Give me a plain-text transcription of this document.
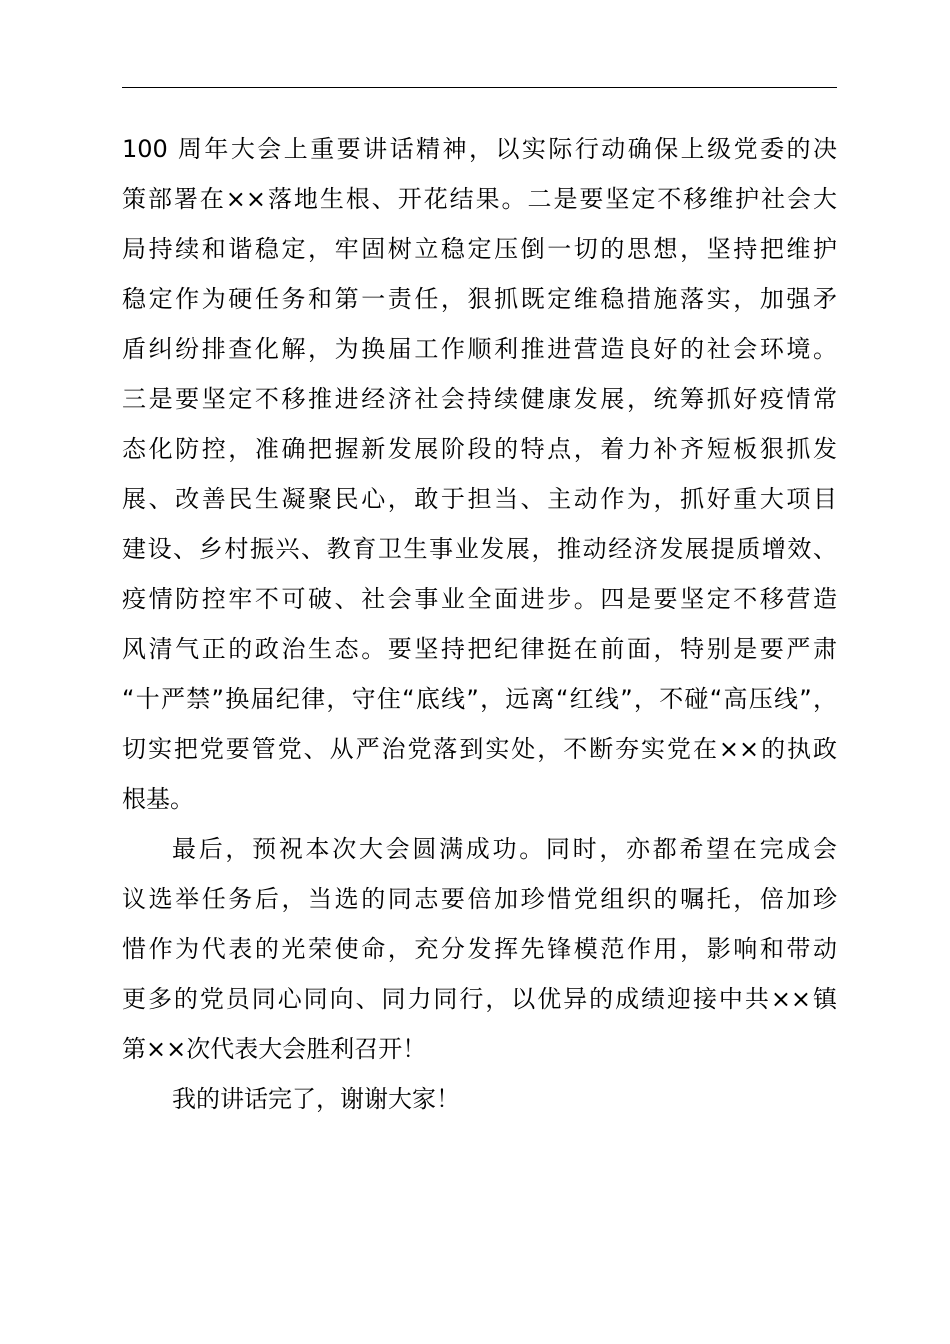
100 周年大会上重要讲话精神，以实际行动确保上级党委的决
策部署在××落地生根、开花结果。二是要坚定不移维护社会大
局持续和谐稳定，牢固树立稳定压倒一切的思想，坚持把维护
稳定作为硬任务和第一责任，狠抓既定维稳措施落实，加强矛
盾纠纷排查化解，为换届工作顺利推进营造良好的社会环境。
三是要坚定不移推进经济社会持续健康发展，统筹抓好疫情常
态化防控，准确把握新发展阶段的特点，着力补齐短板狠抓发
展、改善民生凝聚民心，敢于担当、主动作为，抓好重大项目
建设、乡村振兴、教育卫生事业发展，推动经济发展提质增效、
疫情防控牢不可破、社会事业全面进步。四是要坚定不移营造
风清气正的政治生态。要坚持把纪律挺在前面，特别是要严肃
“十严禁”换届纪律，守住“底线”，远离“红线”，不碰“高压线”，
切实把党要管党、从严治党落到实处，不断夯实党在××的执政
根基。
最后，预祝本次大会圆满成功。同时，亦都希望在完成会
议选举任务后，当选的同志要倍加珍惜党组织的嘱托，倍加珍
惜作为代表的光荣使命，充分发挥先锋模范作用，影响和带动
更多的党员同心同向、同力同行，以优异的成绩迎接中共××镇
第××次代表大会胜利召开！
我的讲话完了，谢谢大家！
